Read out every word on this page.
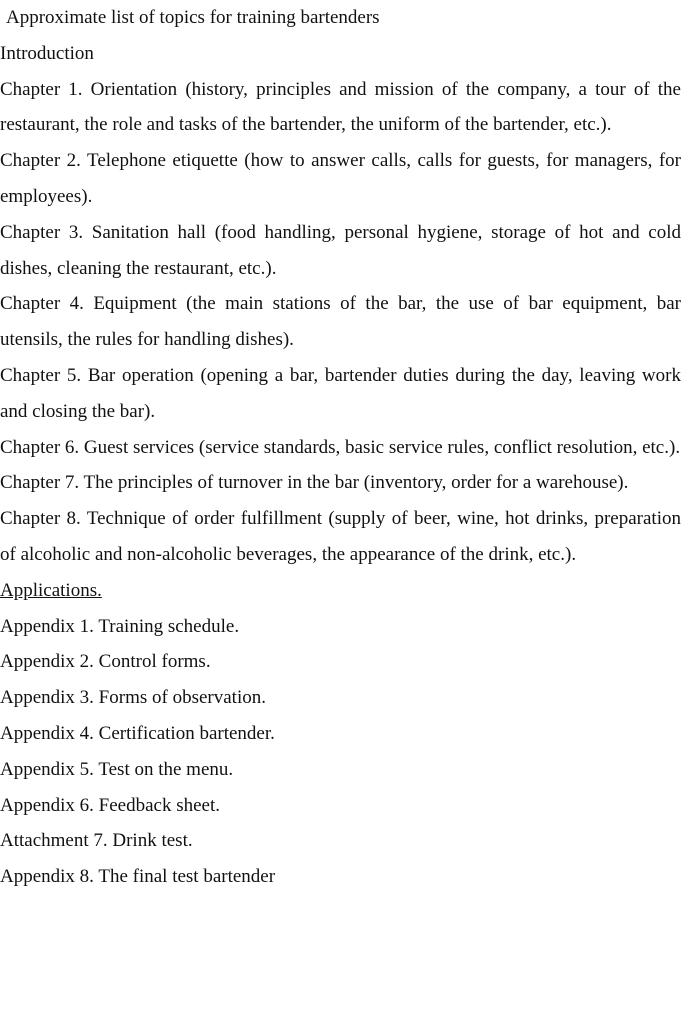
Approximate list of topics for training bartenders

Introduction

Chapter 1. Orientation (history, principles and mission of the company, a tour of the restaurant, the role and tasks of the bartender, the uniform of the bartender, etc.).

Chapter 2. Telephone etiquette (how to answer calls, calls for guests, for managers, for employees).

Chapter 3. Sanitation hall (food handling, personal hygiene, storage of hot and cold dishes, cleaning the restaurant, etc.).

Chapter 4. Equipment (the main stations of the bar, the use of bar equipment, bar utensils, the rules for handling dishes).

Chapter 5. Bar operation (opening a bar, bartender duties during the day, leaving work and closing the bar).

Chapter 6. Guest services (service standards, basic service rules, conflict resolution, etc.).

Chapter 7. The principles of turnover in the bar (inventory, order for a warehouse).

Chapter 8. Technique of order fulfillment (supply of beer, wine, hot drinks, preparation of alcoholic and non-alcoholic beverages, the appearance of the drink, etc.).

Applications.

Appendix 1. Training schedule.

Appendix 2. Control forms.

Appendix 3. Forms of observation.

Appendix 4. Certification bartender.

Appendix 5. Test on the menu.

Appendix 6. Feedback sheet.

Attachment 7. Drink test.

Appendix 8. The final test bartender
